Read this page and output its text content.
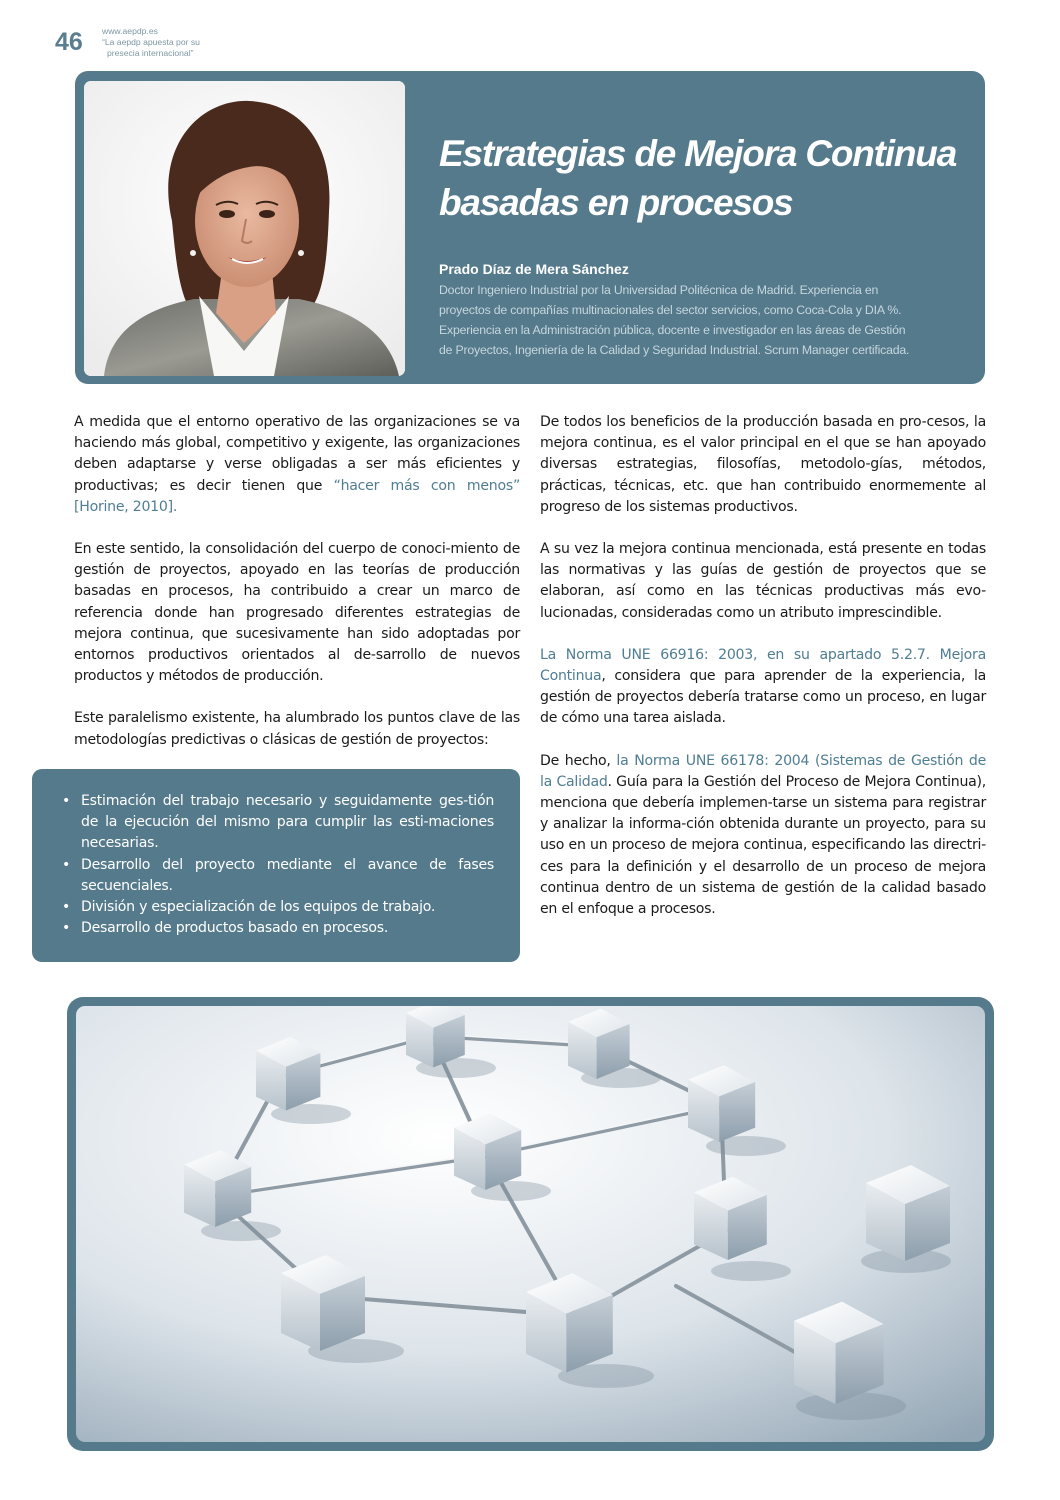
46 www.aepdp.es
“La aepdp apuesta por su
presecia internacional”
Estrategias de Mejora Continua
basadas en procesos
Prado Díaz de Mera Sánchez
Doctor Ingeniero Industrial por la Universidad Politécnica de Madrid. Experiencia en
proyectos de compañías multinacionales del sector servicios, como Coca-Cola y DIA %.
Experiencia en la Administración pública, docente e investigador en las áreas de Gestión
de Proyectos, Ingeniería de la Calidad y Seguridad Industrial. Scrum Manager certificada.

A medida que el entorno operativo de las organizaciones se va haciendo más global, competitivo y exigente, las organizaciones deben adaptarse y verse obligadas a ser más eficientes y productivas; es decir tienen que “hacer más con menos” [Horine, 2010].

En este sentido, la consolidación del cuerpo de conoci-miento de gestión de proyectos, apoyado en las teorías de producción basadas en procesos, ha contribuido a crear un marco de referencia donde han progresado diferentes estrategias de mejora continua, que sucesivamente han sido adoptadas por entornos productivos orientados al de-sarrollo de nuevos productos y métodos de producción.

Este paralelismo existente, ha alumbrado los puntos clave de las metodologías predictivas o clásicas de gestión de proyectos:

• Estimación del trabajo necesario y seguidamente ges-tión de la ejecución del mismo para cumplir las esti-maciones necesarias.
• Desarrollo del proyecto mediante el avance de fases secuenciales.
• División y especialización de los equipos de trabajo.
• Desarrollo de productos basado en procesos.

De todos los beneficios de la producción basada en pro-cesos, la mejora continua, es el valor principal en el que se han apoyado diversas estrategias, filosofías, metodolo-gías, métodos, prácticas, técnicas, etc. que han contribuido enormemente al progreso de los sistemas productivos.

A su vez la mejora continua mencionada, está presente en todas las normativas y las guías de gestión de proyectos que se elaboran, así como en las técnicas productivas más evo-lucionadas, consideradas como un atributo imprescindible.

La Norma UNE 66916: 2003, en su apartado 5.2.7. Mejora Continua, considera que para aprender de la experiencia, la gestión de proyectos debería tratarse como un proceso, en lugar de cómo una tarea aislada.

De hecho, la Norma UNE 66178: 2004 (Sistemas de Gestión de la Calidad. Guía para la Gestión del Proceso de Mejora Continua), menciona que debería implemen-tarse un sistema para registrar y analizar la informa-ción obtenida durante un proyecto, para su uso en un proceso de mejora continua, especificando las directri-ces para la definición y el desarrollo de un proceso de mejora continua dentro de un sistema de gestión de la calidad basado en el enfoque a procesos.
